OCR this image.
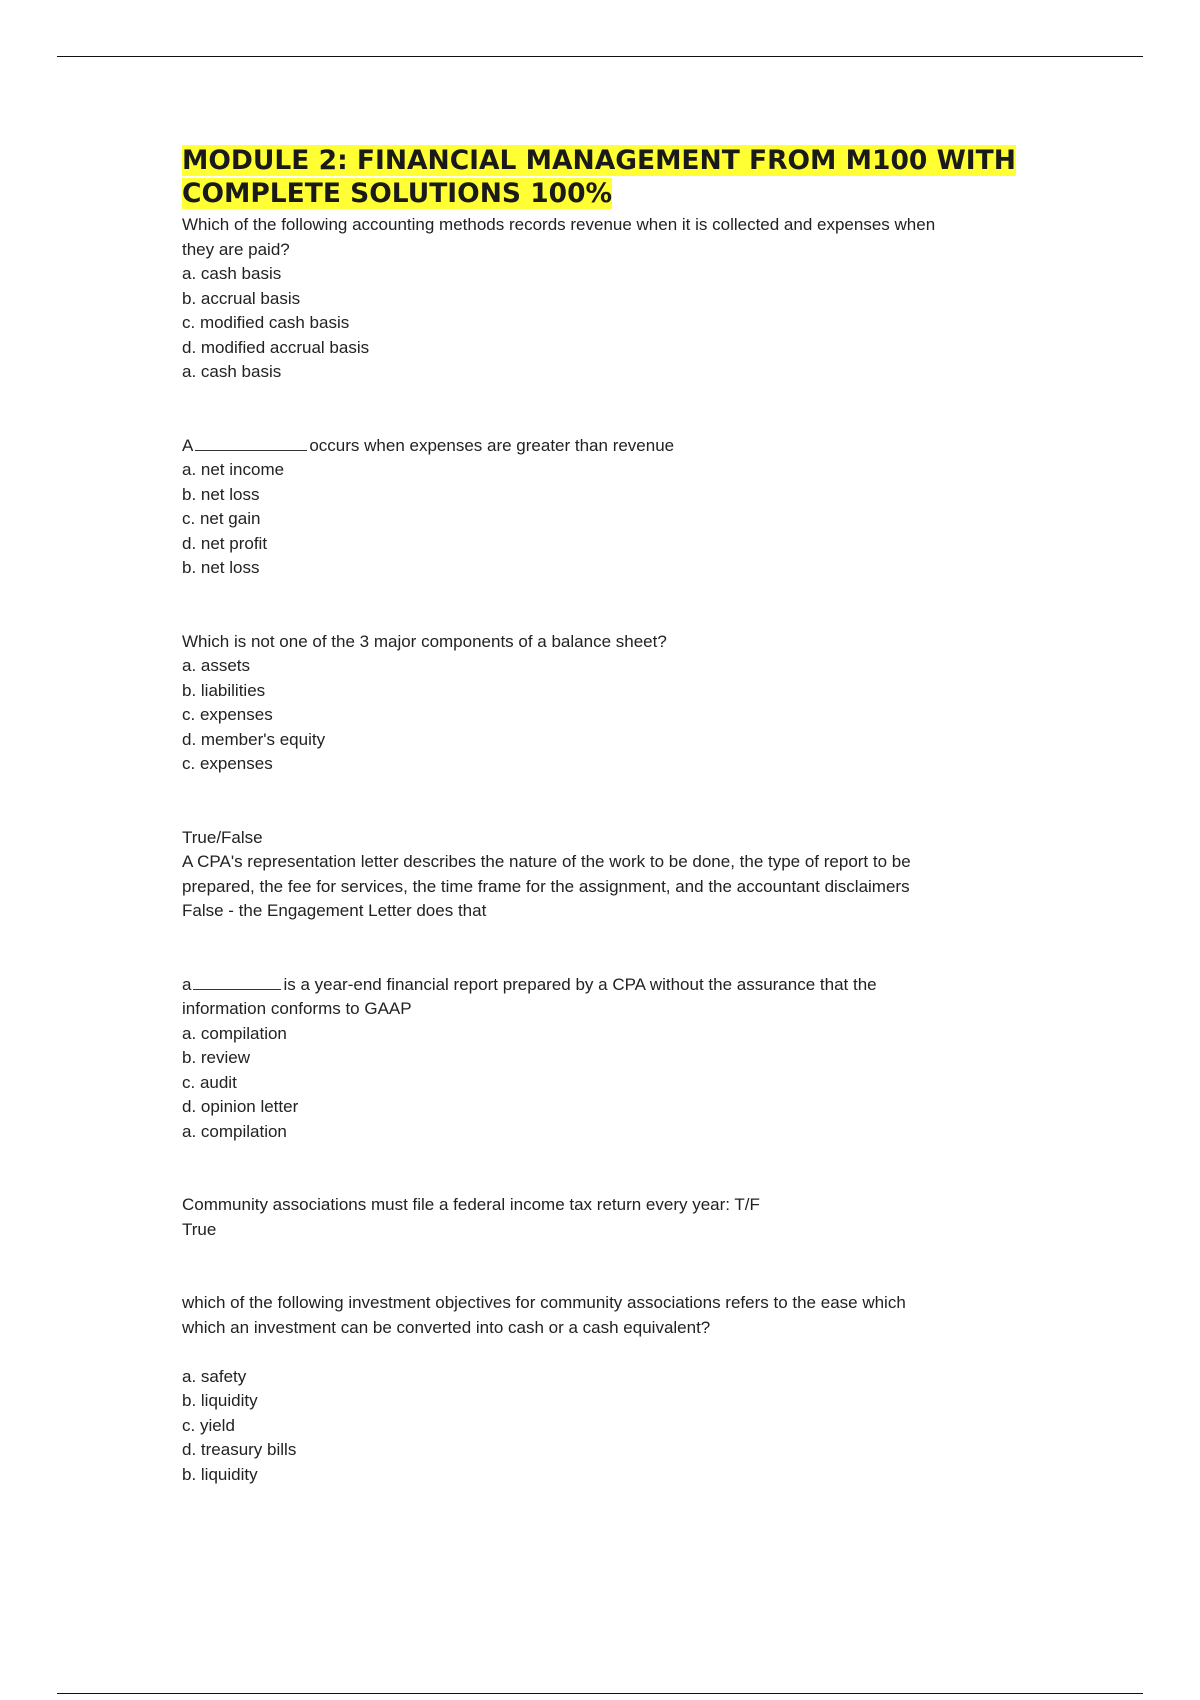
MODULE 2: FINANCIAL MANAGEMENT FROM M100 WITH COMPLETE SOLUTIONS 100%
Which of the following accounting methods records revenue when it is collected and expenses when
they are paid?
a. cash basis
b. accrual basis
c. modified cash basis
d. modified accrual basis
a. cash basis
A	occurs when expenses are greater than revenue
a. net income
b. net loss
c. net gain
d. net profit
b. net loss
Which is not one of the 3 major components of a balance sheet?
a. assets
b. liabilities
c. expenses
d. member's equity
c. expenses
True/False
A CPA's representation letter describes the nature of the work to be done, the type of report to be
prepared, the fee for services, the time frame for the assignment, and the accountant disclaimers
False - the Engagement Letter does that
a	is a year-end financial report prepared by a CPA without the assurance that the
information conforms to GAAP
a. compilation
b. review
c. audit
d. opinion letter
a. compilation
Community associations must file a federal income tax return every year: T/F
True
which of the following investment objectives for community associations refers to the ease which
which an investment can be converted into cash or a cash equivalent?
a. safety
b. liquidity
c. yield
d. treasury bills
b. liquidity
